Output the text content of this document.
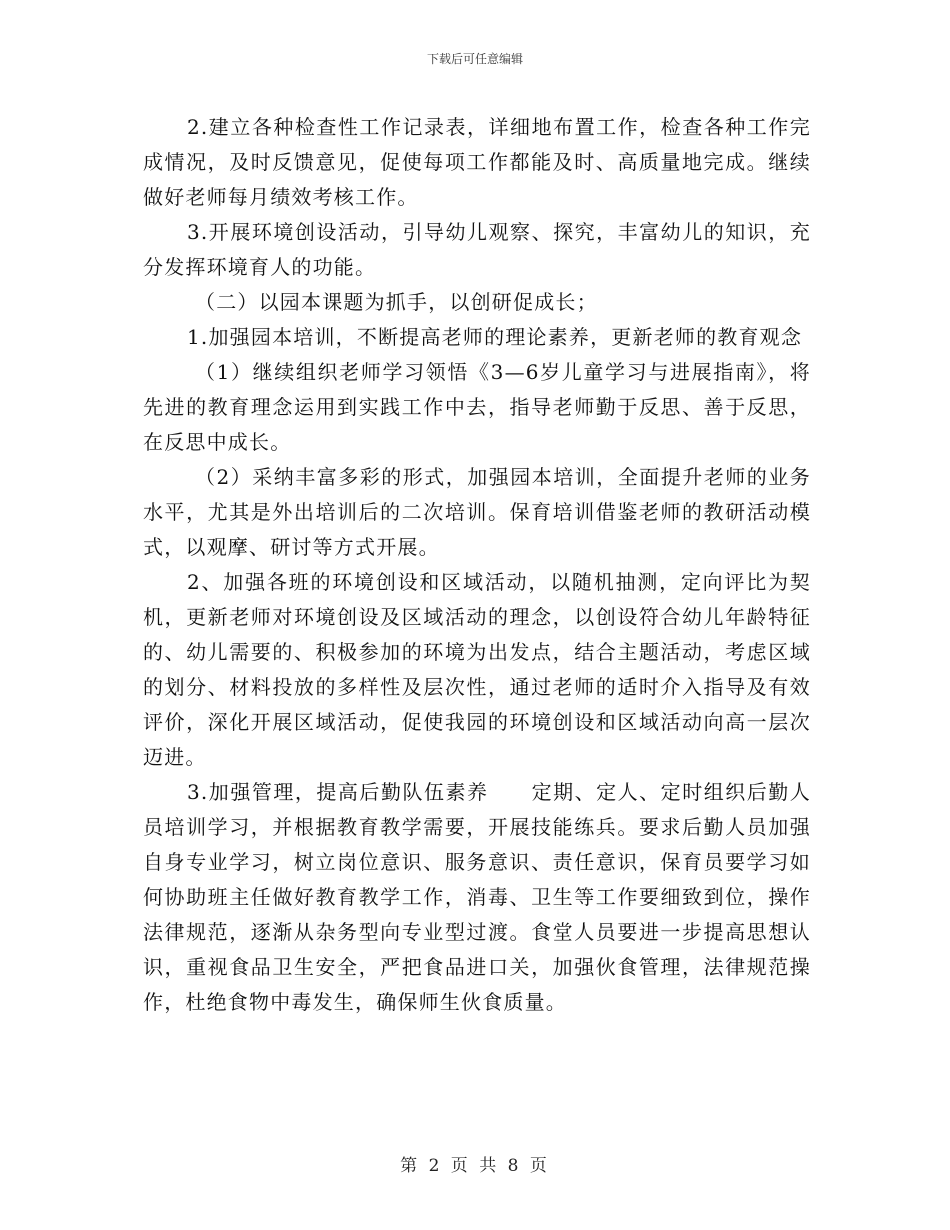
下载后可任意编辑

2.建立各种检查性工作记录表，详细地布置工作，检查各种工作完成情况，及时反馈意见，促使每项工作都能及时、高质量地完成。继续做好老师每月绩效考核工作。

3.开展环境创设活动，引导幼儿观察、探究，丰富幼儿的知识，充分发挥环境育人的功能。

（二）以园本课题为抓手，以创研促成长；

1.加强园本培训，不断提高老师的理论素养，更新老师的教育观念

（1）继续组织老师学习领悟《3—6岁儿童学习与进展指南》，将先进的教育理念运用到实践工作中去，指导老师勤于反思、善于反思，在反思中成长。

（2）采纳丰富多彩的形式，加强园本培训，全面提升老师的业务水平，尤其是外出培训后的二次培训。保育培训借鉴老师的教研活动模式，以观摩、研讨等方式开展。

2、加强各班的环境创设和区域活动，以随机抽测，定向评比为契机，更新老师对环境创设及区域活动的理念，以创设符合幼儿年龄特征的、幼儿需要的、积极参加的环境为出发点，结合主题活动，考虑区域的划分、材料投放的多样性及层次性，通过老师的适时介入指导及有效评价，深化开展区域活动，促使我园的环境创设和区域活动向高一层次迈进。

3.加强管理，提高后勤队伍素养　　定期、定人、定时组织后勤人员培训学习，并根据教育教学需要，开展技能练兵。要求后勤人员加强自身专业学习，树立岗位意识、服务意识、责任意识，保育员要学习如何协助班主任做好教育教学工作，消毒、卫生等工作要细致到位，操作法律规范，逐渐从杂务型向专业型过渡。食堂人员要进一步提高思想认识，重视食品卫生安全，严把食品进口关，加强伙食管理，法律规范操作，杜绝食物中毒发生，确保师生伙食质量。

第 2 页 共 8 页
